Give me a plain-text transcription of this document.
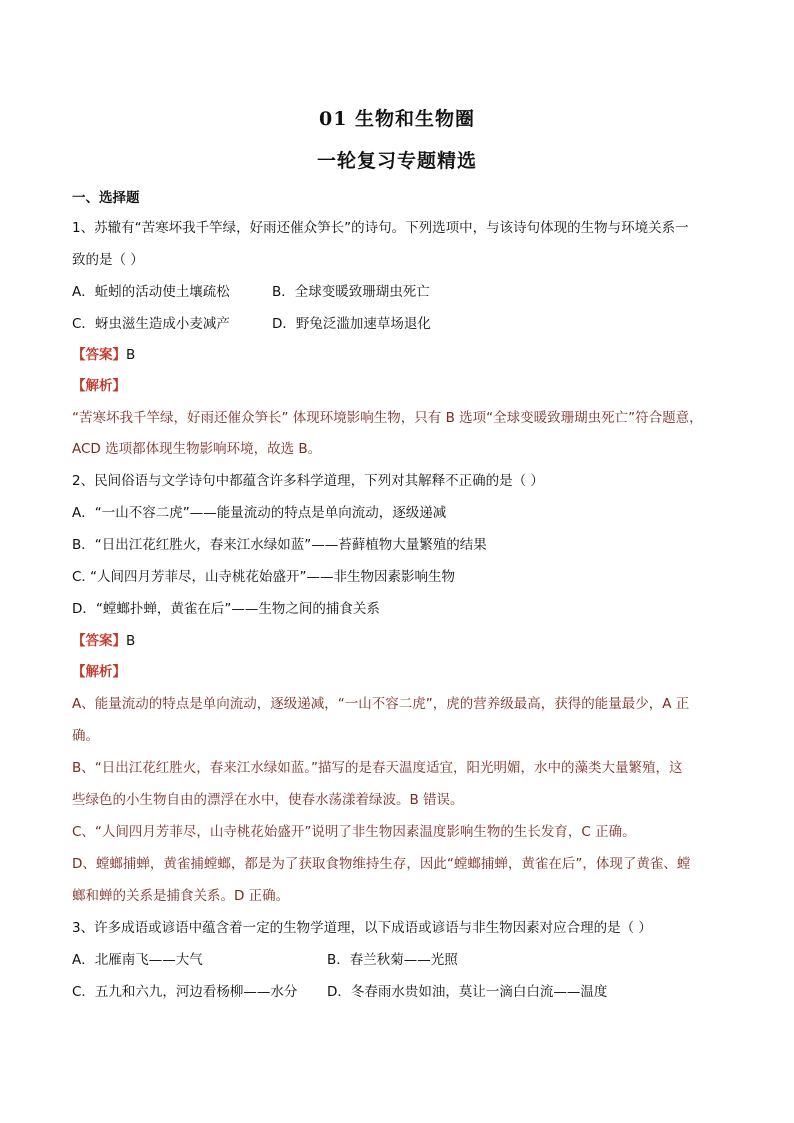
01 生物和生物圈
一轮复习专题精选
一、选择题
1、苏辙有“苦寒坏我千竿绿，好雨还催众笋长”的诗句。下列选项中，与该诗句体现的生物与环境关系一
致的是（ ）
A．蚯蚓的活动使土壤疏松	B．全球变暖致珊瑚虫死亡
C．蚜虫滋生造成小麦减产	D．野兔泛滥加速草场退化
【答案】B
【解析】
“苦寒坏我千竿绿，好雨还催众笋长” 体现环境影响生物，只有 B 选项“全球变暖致珊瑚虫死亡”符合题意，
ACD 选项都体现生物影响环境，故选 B。
2、民间俗语与文学诗句中都蕴含许多科学道理，下列对其解释不正确的是（ ）
A．“一山不容二虎”——能量流动的特点是单向流动，逐级递减
B．“日出江花红胜火，春来江水绿如蓝”——苔藓植物大量繁殖的结果
C. “人间四月芳菲尽，山寺桃花始盛开”——非生物因素影响生物
D．“螳螂扑蝉，黄雀在后”——生物之间的捕食关系
【答案】B
【解析】
A、能量流动的特点是单向流动，逐级递减，“一山不容二虎”，虎的营养级最高，获得的能量最少，A 正
确。
B、“日出江花红胜火，春来江水绿如蓝。”描写的是春天温度适宜，阳光明媚，水中的藻类大量繁殖，这
些绿色的小生物自由的漂浮在水中，使春水荡漾着绿波。B 错误。
C、“人间四月芳菲尽，山寺桃花始盛开”说明了非生物因素温度影响生物的生长发育，C 正确。
D、螳螂捕蝉，黄雀捕螳螂，都是为了获取食物维持生存，因此“螳螂捕蝉，黄雀在后”，体现了黄雀、螳
螂和蝉的关系是捕食关系。D 正确。
3、许多成语或谚语中蕴含着一定的生物学道理，以下成语或谚语与非生物因素对应合理的是（ ）
A．北雁南飞——大气	B．春兰秋菊——光照
C．五九和六九，河边看杨柳——水分 D．冬春雨水贵如油，莫让一滴白白流——温度
